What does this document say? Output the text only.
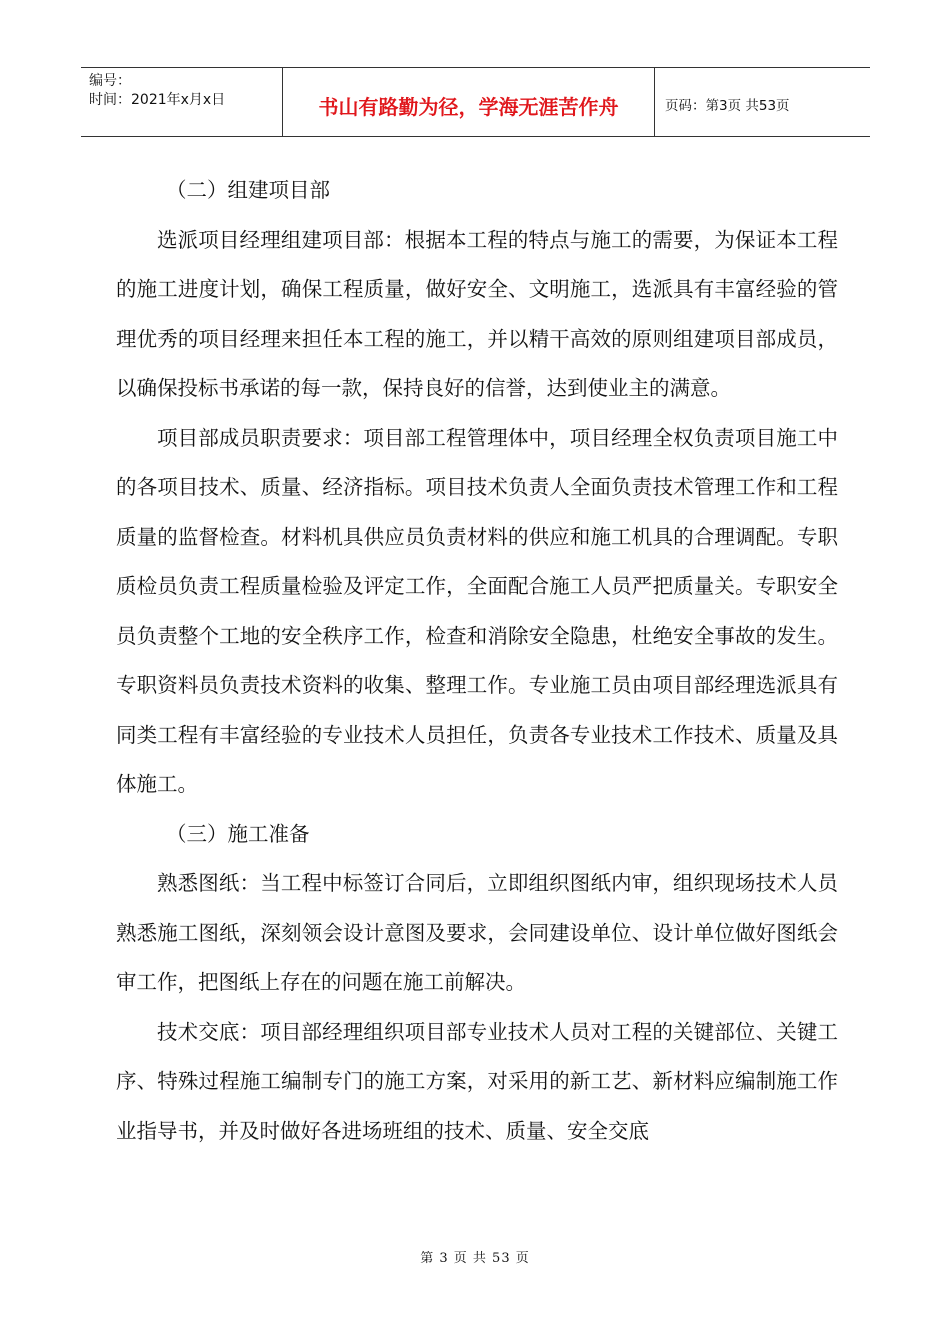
编号：
时间：2021年x月x日	书山有路勤为径，学海无涯苦作舟	页码：第3页 共53页

（二）组建项目部

选派项目经理组建项目部：根据本工程的特点与施工的需要，为保证本工程的施工进度计划，确保工程质量，做好安全、文明施工，选派具有丰富经验的管理优秀的项目经理来担任本工程的施工，并以精干高效的原则组建项目部成员，以确保投标书承诺的每一款，保持良好的信誉，达到使业主的满意。

项目部成员职责要求：项目部工程管理体中，项目经理全权负责项目施工中的各项目技术、质量、经济指标。项目技术负责人全面负责技术管理工作和工程质量的监督检查。材料机具供应员负责材料的供应和施工机具的合理调配。专职质检员负责工程质量检验及评定工作，全面配合施工人员严把质量关。专职安全员负责整个工地的安全秩序工作，检查和消除安全隐患，杜绝安全事故的发生。专职资料员负责技术资料的收集、整理工作。专业施工员由项目部经理选派具有同类工程有丰富经验的专业技术人员担任，负责各专业技术工作技术、质量及具体施工。

（三）施工准备

熟悉图纸：当工程中标签订合同后，立即组织图纸内审，组织现场技术人员熟悉施工图纸，深刻领会设计意图及要求，会同建设单位、设计单位做好图纸会审工作，把图纸上存在的问题在施工前解决。

技术交底：项目部经理组织项目部专业技术人员对工程的关键部位、关键工序、特殊过程施工编制专门的施工方案，对采用的新工艺、新材料应编制施工作业指导书，并及时做好各进场班组的技术、质量、安全交底

第 3 页 共 53 页
